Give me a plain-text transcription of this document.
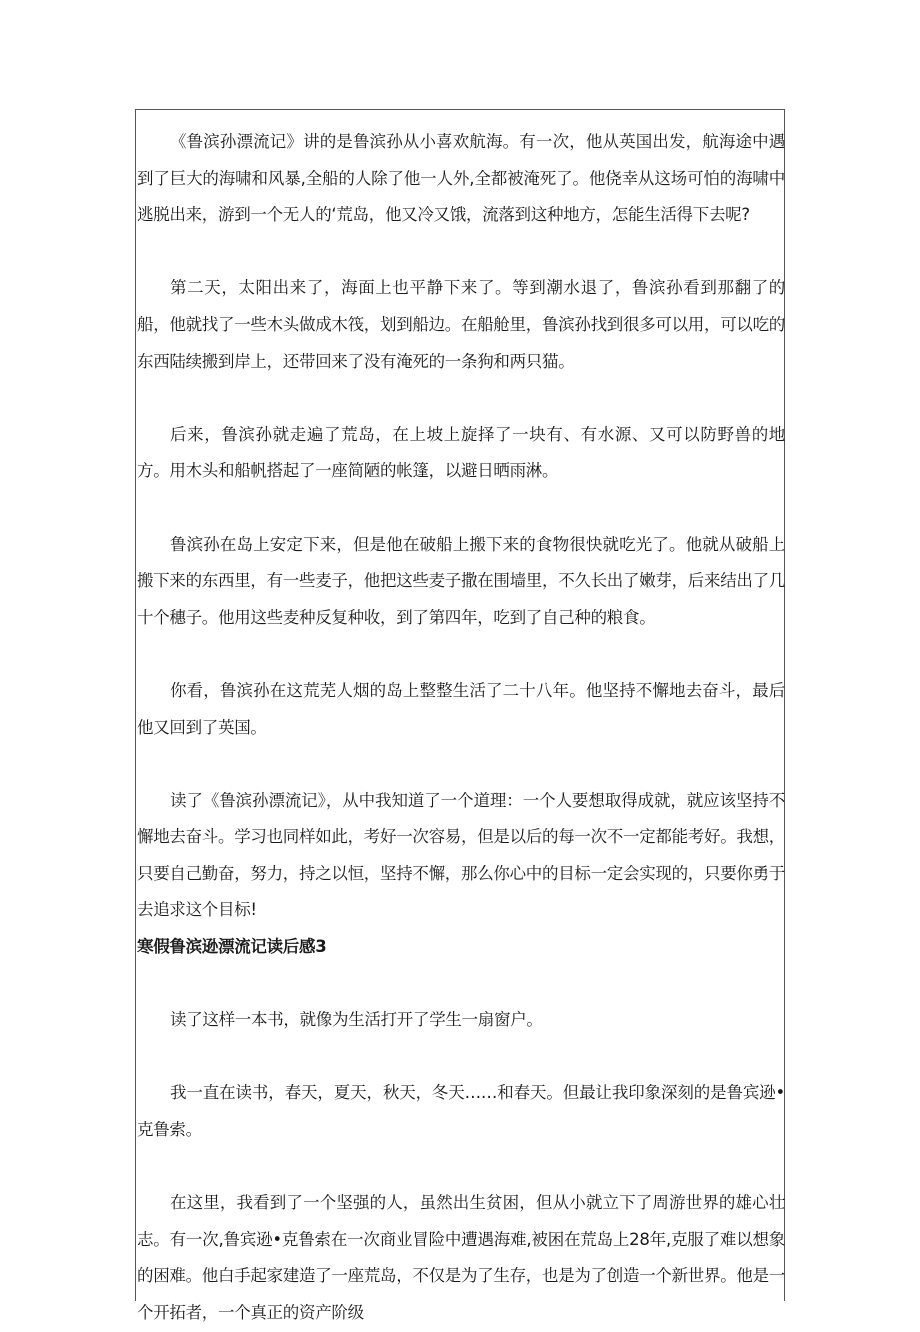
《鲁滨孙漂流记》讲的是鲁滨孙从小喜欢航海。有一次，他从英国出发，航海途中遇到了巨大的海啸和风暴,全船的人除了他一人外,全都被淹死了。他侥幸从这场可怕的海啸中逃脱出来，游到一个无人的‘荒岛，他又冷又饿，流落到这种地方，怎能生活得下去呢?

第二天，太阳出来了，海面上也平静下来了。等到潮水退了，鲁滨孙看到那翻了的船，他就找了一些木头做成木筏，划到船边。在船舱里，鲁滨孙找到很多可以用，可以吃的东西陆续搬到岸上，还带回来了没有淹死的一条狗和两只猫。

后来，鲁滨孙就走遍了荒岛，在上坡上旋择了一块有、有水源、又可以防野兽的地方。用木头和船帆搭起了一座简陋的帐篷，以避日晒雨淋。

鲁滨孙在岛上安定下来，但是他在破船上搬下来的食物很快就吃光了。他就从破船上搬下来的东西里，有一些麦子，他把这些麦子撒在围墙里，不久长出了嫩芽，后来结出了几十个穗子。他用这些麦种反复种收，到了第四年，吃到了自己种的粮食。

你看，鲁滨孙在这荒芜人烟的岛上整整生活了二十八年。他坚持不懈地去奋斗，最后他又回到了英国。

读了《鲁滨孙漂流记》，从中我知道了一个道理：一个人要想取得成就，就应该坚持不懈地去奋斗。学习也同样如此，考好一次容易，但是以后的每一次不一定都能考好。我想，只要自己勤奋，努力，持之以恒，坚持不懈，那么你心中的目标一定会实现的，只要你勇于去追求这个目标!

寒假鲁滨逊漂流记读后感3

读了这样一本书，就像为生活打开了学生一扇窗户。

我一直在读书，春天，夏天，秋天，冬天……和春天。但最让我印象深刻的是鲁宾逊•克鲁索。

在这里，我看到了一个坚强的人，虽然出生贫困，但从小就立下了周游世界的雄心壮志。有一次,鲁宾逊•克鲁索在一次商业冒险中遭遇海难,被困在荒岛上28年,克服了难以想象的困难。他白手起家建造了一座荒岛，不仅是为了生存，也是为了创造一个新世界。他是一个开拓者，一个真正的资产阶级
